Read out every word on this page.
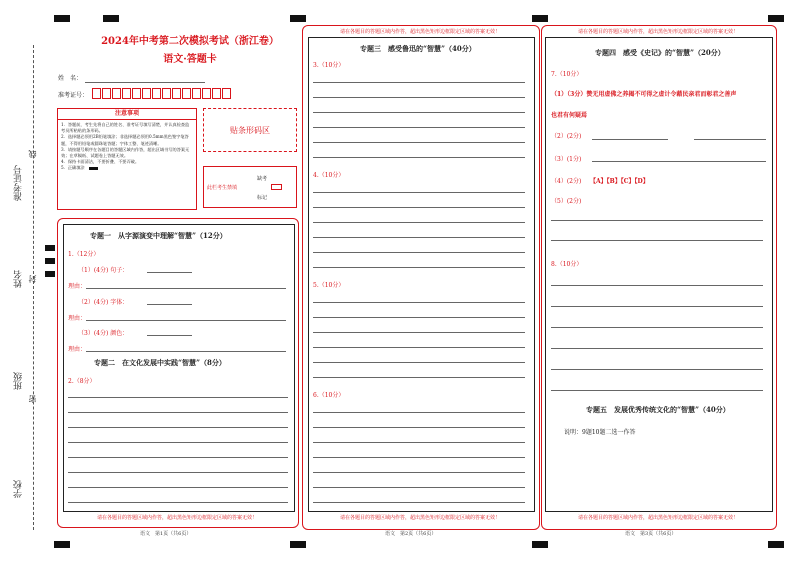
准考证号
线
姓名 封
班级
密
学校
2024年中考第二次模拟考试（浙江卷）
语文·答题卡
姓　名：
准考证号：
注意事项
1．答题前，考生先将自己的姓名、准考证号填写清楚，并认真检查监考员所粘贴的条形码。
2．选择题必须用2B铅笔填涂；非选择题必须用0.5mm黑色签字笔答题，不得用铅笔或圆珠笔答题；字体工整、笔迹清晰。
3．请按题号顺序在各题目的答题区域内作答，超出区域书写的答案无效；在草稿纸、试题卷上答题无效。
4．保持卡面清洁，不要折叠、不要弄破。
5．正确填涂
贴条形码区
此栏考生禁填
缺考
标记
请在各题目的答题区域内作答，超出黑色矩形边框限定区域的答案无效！
专题一　从字源演变中理解“智慧”（12分）
1.（12分）
（1）(4分) 句子：
理由：
（2）(4分) 字体：
理由：
（3）(4分) 颜色：
理由：
专题二　在文化发展中实践“智慧”（8分）
2.（8分）
语文　第1页（共6页）
请在各题目的答题区域内作答，超出黑色矩形边框限定区域的答案无效！
请在各题目的答题区域内作答，超出黑色矩形边框限定区域的答案无效！
专题三　感受鲁迅的“智慧”（40分）
3.（10分）
4.（10分）
5.（10分）
6.（10分）
语文　第2页（共6页）
请在各题目的答题区域内作答，超出黑色矩形边框限定区域的答案无效！
请在各题目的答题区域内作答，超出黑色矩形边框限定区域的答案无效！
专题四　感受《史记》的“智慧”（20分）
7.（10分）
（1）（3分）赞无用虚佛之养揭不可得之虚计令藉民亲君而彰君之善声
也君有何疑焉
（2）(2分)
（3）(1分)
（4）(2分) 【A】【B】【C】【D】
（5）(2分)
8.（10分）
专题五　发展优秀传统文化的“智慧”（40分）
说明：9题10题二选一作答
语文　第3页（共6页）
